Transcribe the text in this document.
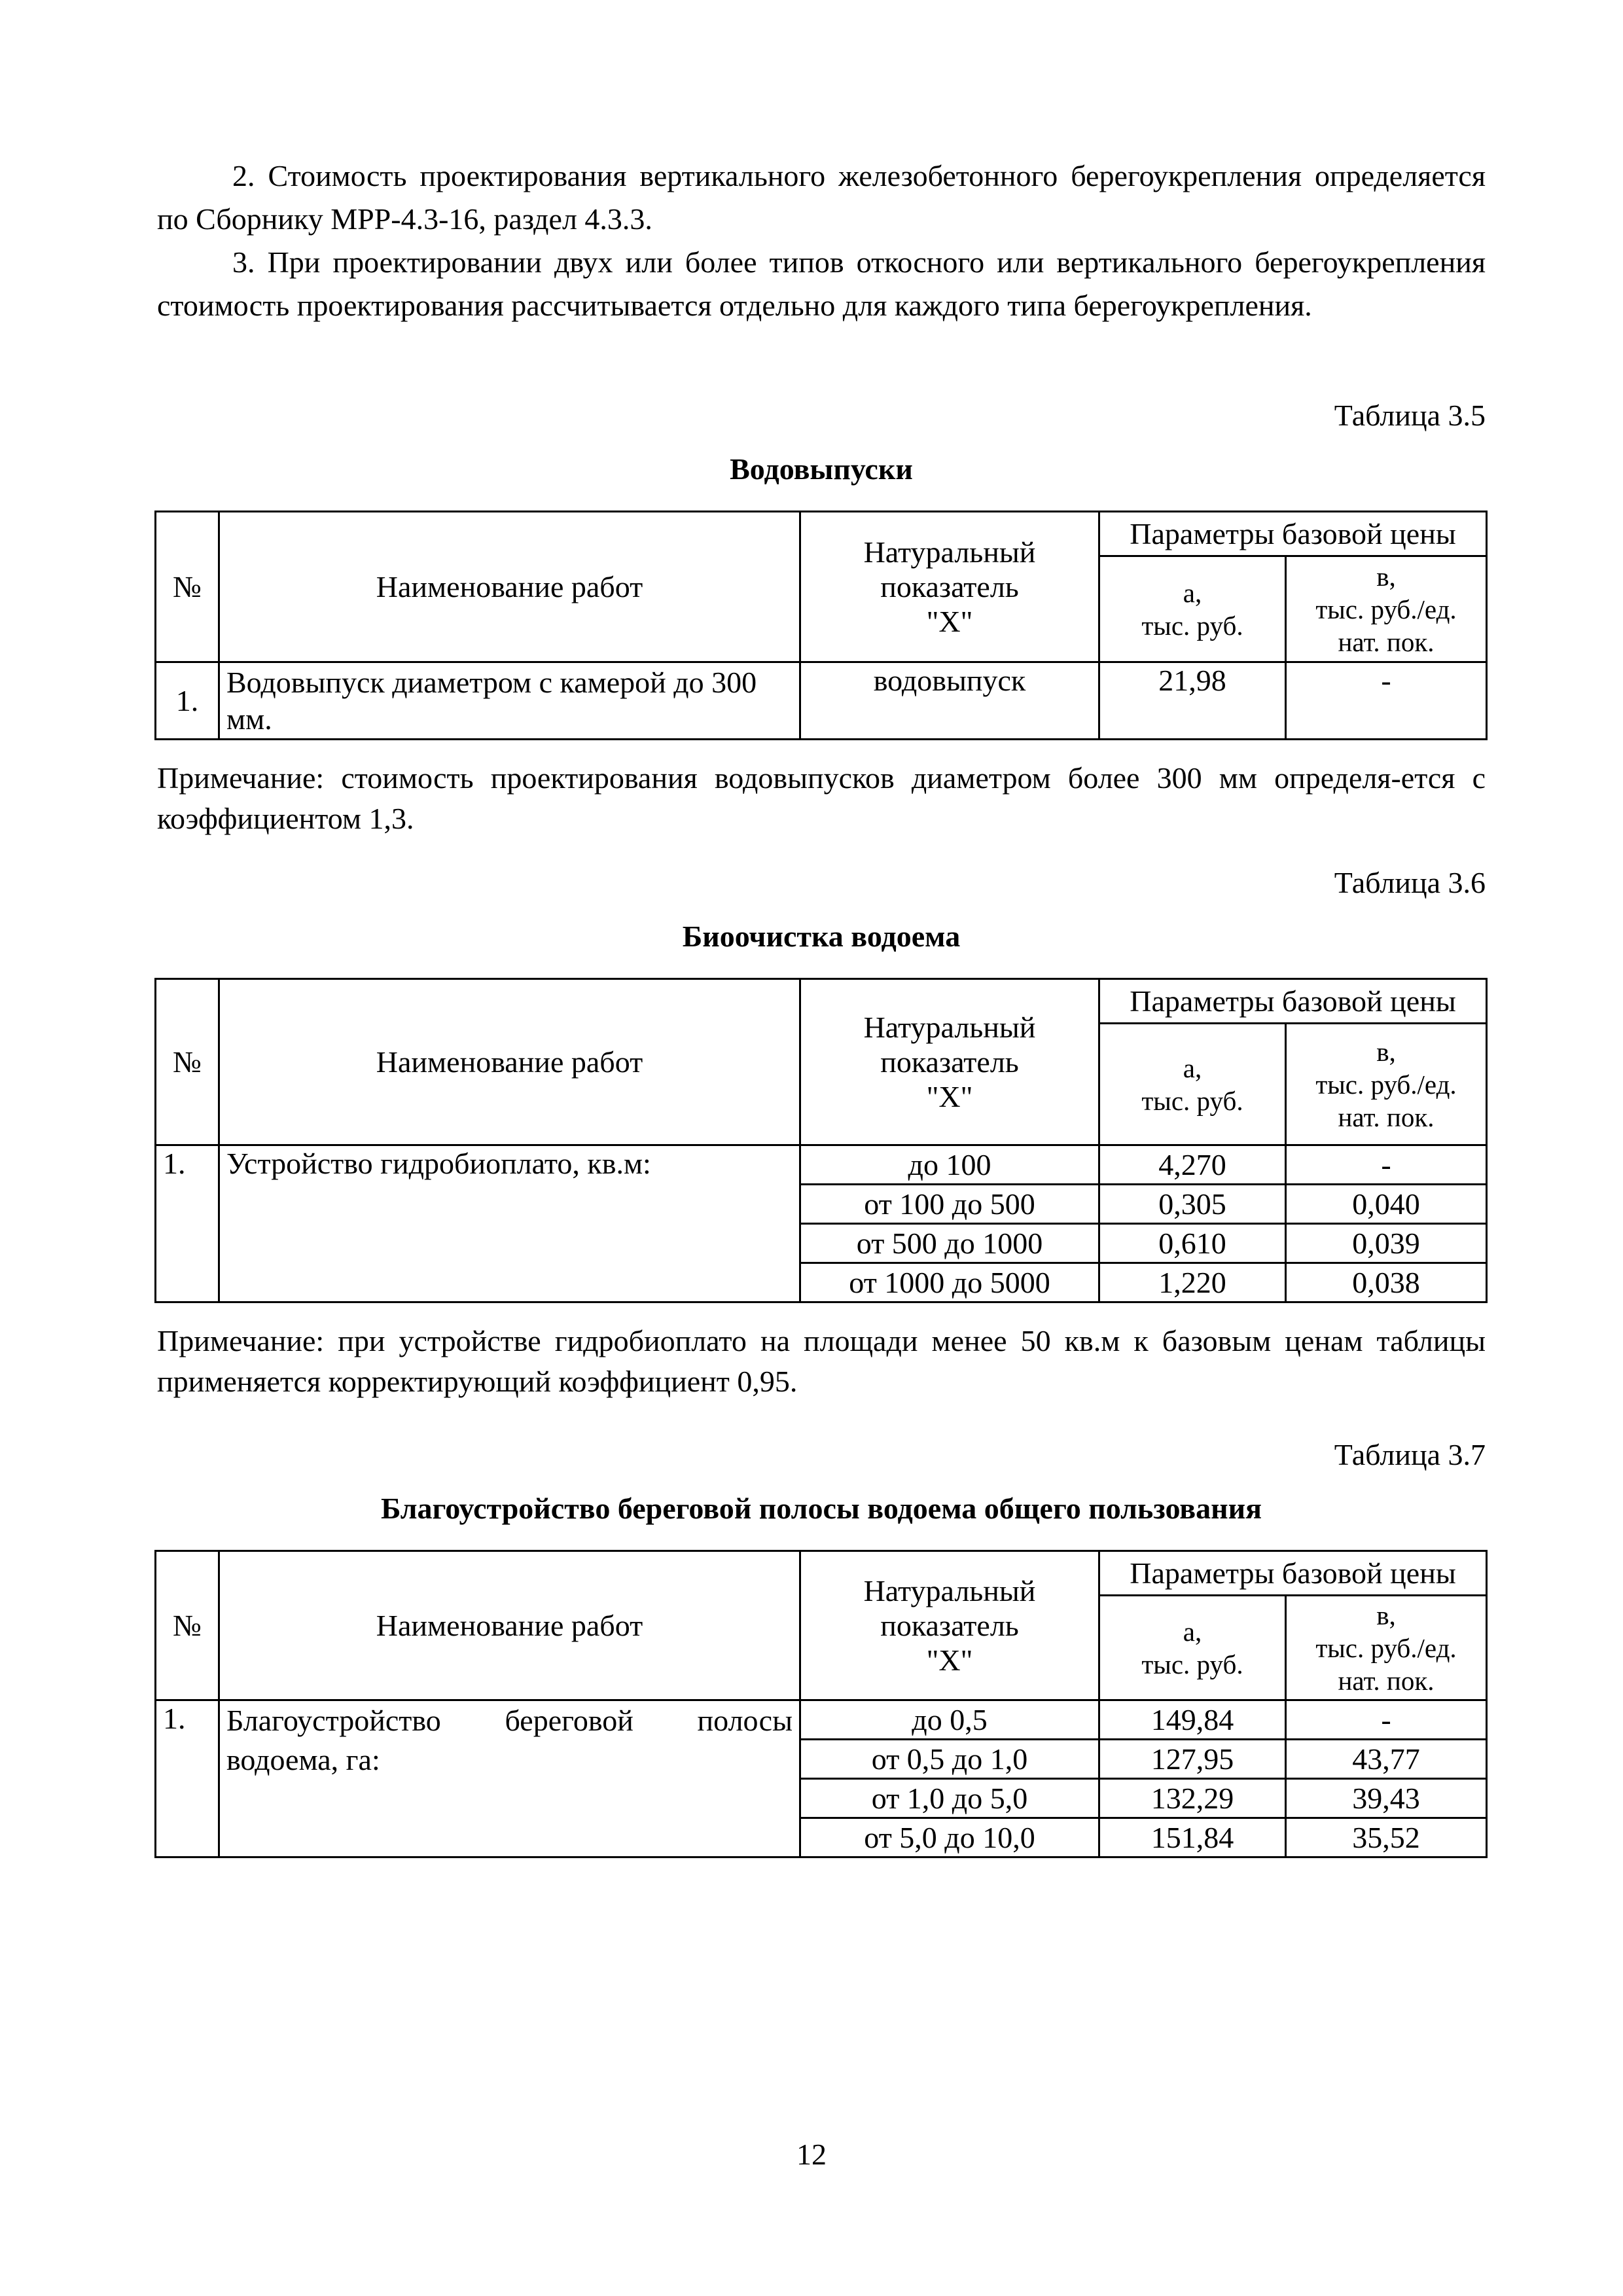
2. Стоимость проектирования вертикального железобетонного берегоукрепления определяется по Сборнику МРР-4.3-16, раздел 4.3.3.

3. При проектировании двух или более типов откосного или вертикального берегоукрепления стоимость проектирования рассчитывается отдельно для каждого типа берегоукрепления.

Таблица 3.5

Водовыпуски

№	Наименование работ	Натуральный
показатель
"Х"	Параметры базовой цены	

			а,
тыс. руб.	в,
тыс. руб./ед.
нат. пок.

1.	Водовыпуск диаметром с камерой до 300 мм.	водовыпуск	21,98	-

Примечание: стоимость проектирования водовыпусков диаметром более 300 мм определя-ется с коэффициентом 1,3.

Таблица 3.6

Биоочистка водоема

№	Наименование работ	Натуральный
показатель
"Х"	Параметры базовой цены	

			а,
тыс. руб.	в,
тыс. руб./ед.
нат. пок.

1.	Устройство гидробиоплато, кв.м:	до 100	4,270	-
		от 100 до 500	0,305	0,040
		от 500 до 1000	0,610	0,039
		от 1000 до 5000	1,220	0,038

Примечание: при устройстве гидробиоплато на площади менее 50 кв.м к базовым ценам таблицы применяется корректирующий коэффициент 0,95.

Таблица 3.7

Благоустройство береговой полосы водоема общего пользования

№	Наименование работ	Натуральный
показатель
"Х"	Параметры базовой цены	

			а,
тыс. руб.	в,
тыс. руб./ед.
нат. пок.

1.	Благоустройство береговой полосы водоема, га:	до 0,5	149,84	-
		от 0,5 до 1,0	127,95	43,77
		от 1,0 до 5,0	132,29	39,43
		от 5,0 до 10,0	151,84	35,52

12
